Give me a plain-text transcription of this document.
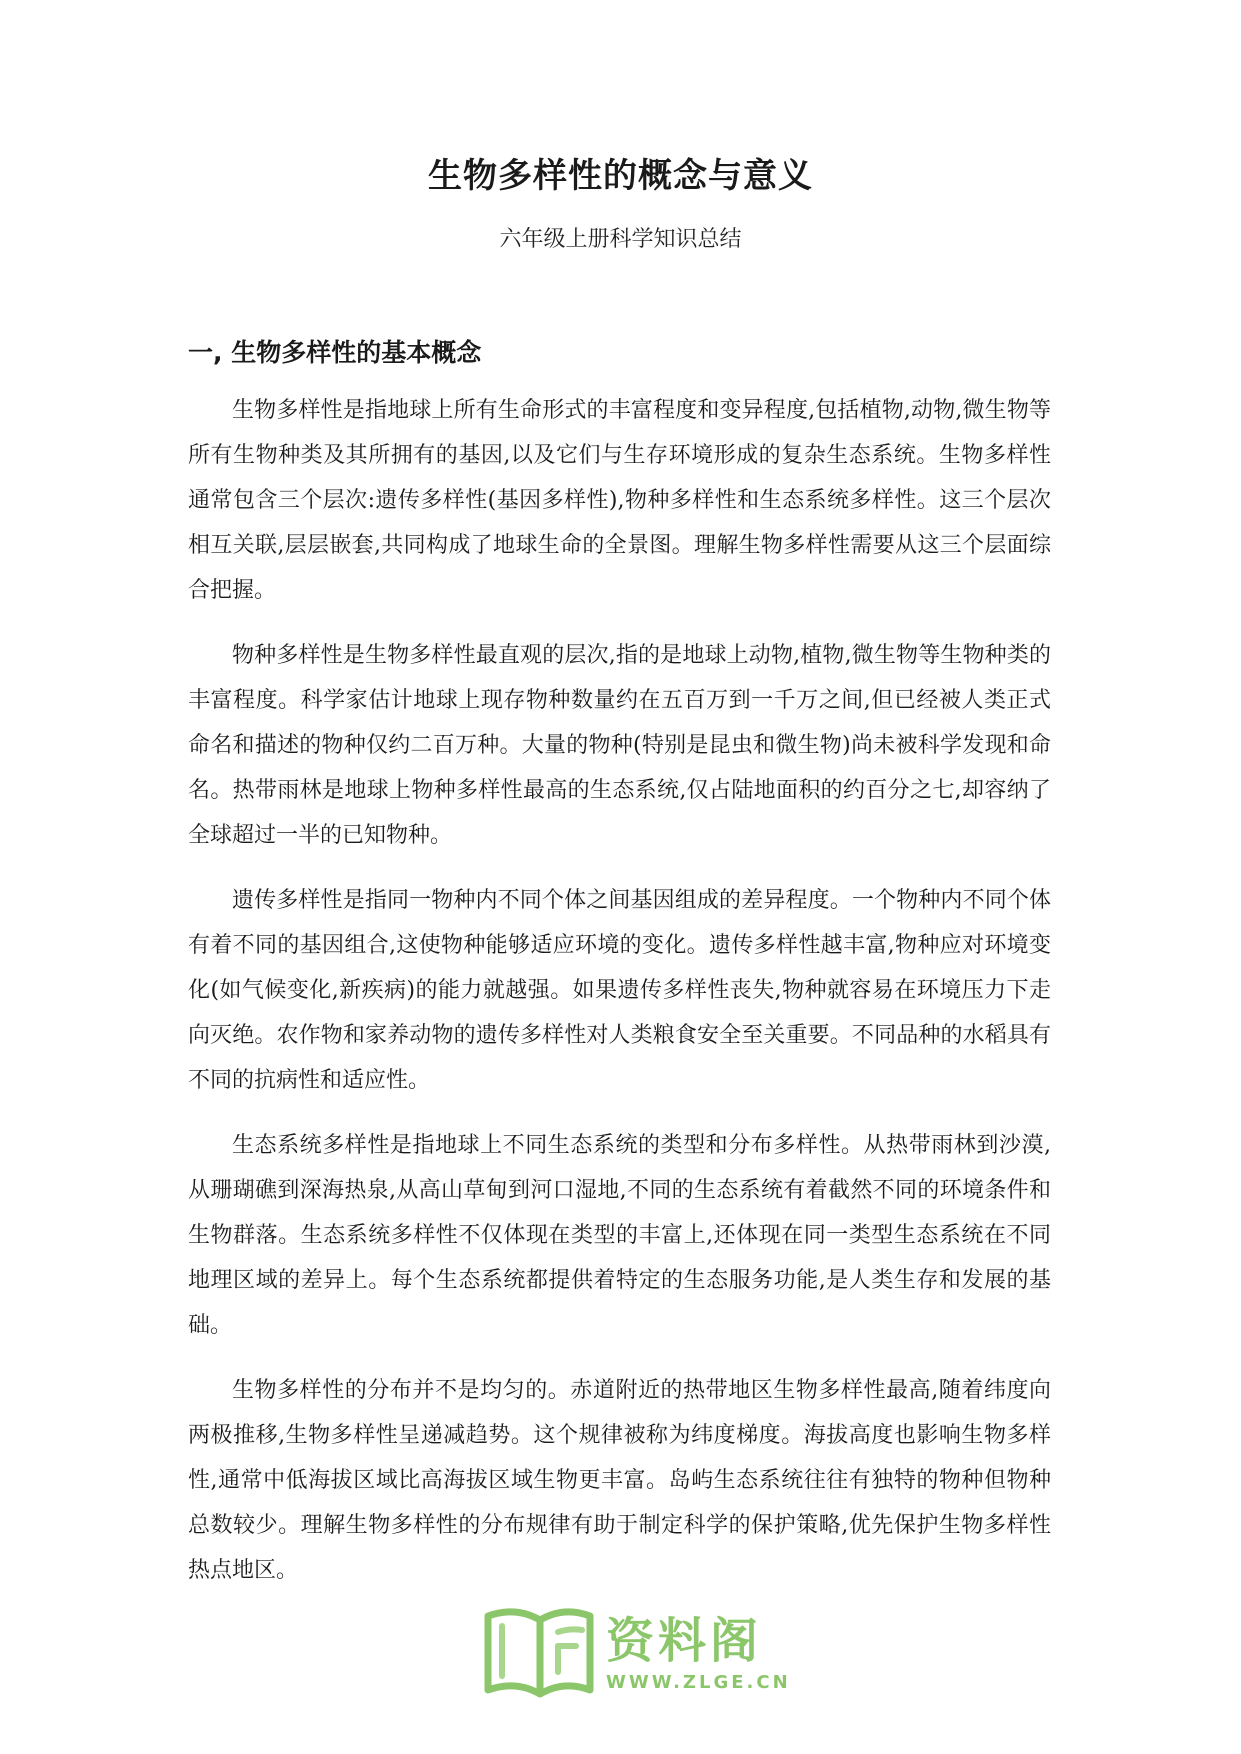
生物多样性的概念与意义
六年级上册科学知识总结
一, 生物多样性的基本概念

生物多样性是指地球上所有生命形式的丰富程度和变异程度,包括植物,动物,微生物等所有生物种类及其所拥有的基因,以及它们与生存环境形成的复杂生态系统。生物多样性通常包含三个层次:遗传多样性(基因多样性),物种多样性和生态系统多样性。这三个层次相互关联,层层嵌套,共同构成了地球生命的全景图。理解生物多样性需要从这三个层面综合把握。

物种多样性是生物多样性最直观的层次,指的是地球上动物,植物,微生物等生物种类的丰富程度。科学家估计地球上现存物种数量约在五百万到一千万之间,但已经被人类正式命名和描述的物种仅约二百万种。大量的物种(特别是昆虫和微生物)尚未被科学发现和命名。热带雨林是地球上物种多样性最高的生态系统,仅占陆地面积的约百分之七,却容纳了全球超过一半的已知物种。

遗传多样性是指同一物种内不同个体之间基因组成的差异程度。一个物种内不同个体有着不同的基因组合,这使物种能够适应环境的变化。遗传多样性越丰富,物种应对环境变化(如气候变化,新疾病)的能力就越强。如果遗传多样性丧失,物种就容易在环境压力下走向灭绝。农作物和家养动物的遗传多样性对人类粮食安全至关重要。不同品种的水稻具有不同的抗病性和适应性。

生态系统多样性是指地球上不同生态系统的类型和分布多样性。从热带雨林到沙漠,从珊瑚礁到深海热泉,从高山草甸到河口湿地,不同的生态系统有着截然不同的环境条件和生物群落。生态系统多样性不仅体现在类型的丰富上,还体现在同一类型生态系统在不同地理区域的差异上。每个生态系统都提供着特定的生态服务功能,是人类生存和发展的基础。

生物多样性的分布并不是均匀的。赤道附近的热带地区生物多样性最高,随着纬度向两极推移,生物多样性呈递减趋势。这个规律被称为纬度梯度。海拔高度也影响生物多样性,通常中低海拔区域比高海拔区域生物更丰富。岛屿生态系统往往有独特的物种但物种总数较少。理解生物多样性的分布规律有助于制定科学的保护策略,优先保护生物多样性热点地区。

资料阁
WWW.ZLGE.CN
